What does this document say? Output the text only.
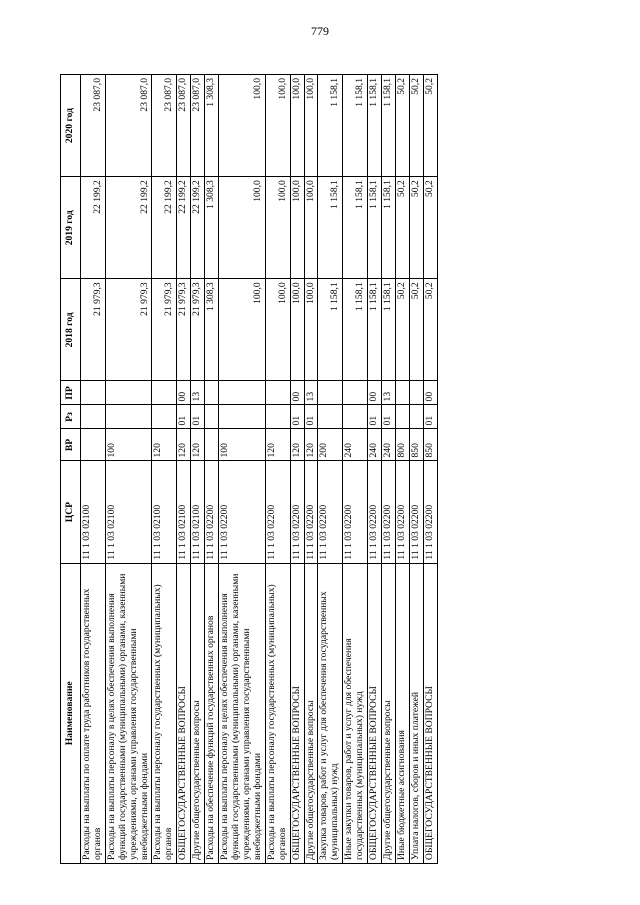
779
Наименование	ЦСР	ВР	Рз	ПР	2018 год	2019 год	2020 год
Расходы на выплаты по оплате труда работников государственных органов	11 1 03 02100				21 979,3	22 199,2	23 087,0
Расходы на выплаты персоналу в целях обеспечения выполнения функций государственными (муниципальными) органами, казенными учреждениями, органами управления государственными внебюджетными фондами	11 1 03 02100	100			21 979,3	22 199,2	23 087,0
Расходы на выплаты персоналу государственных (муниципальных) органов	11 1 03 02100	120			21 979,3	22 199,2	23 087,0
ОБЩЕГОСУДАРСТВЕННЫЕ ВОПРОСЫ	11 1 03 02100	120	01	00	21 979,3	22 199,2	23 087,0
Другие общегосударственные вопросы	11 1 03 02100	120	01	13	21 979,3	22 199,2	23 087,0
Расходы на обеспечение функций государственных органов	11 1 03 02200				1 308,3	1 308,3	1 308,3
Расходы на выплаты персоналу в целях обеспечения выполнения функций государственными (муниципальными) органами, казенными учреждениями, органами управления государственными внебюджетными фондами	11 1 03 02200	100			100,0	100,0	100,0
Расходы на выплаты персоналу государственных (муниципальных) органов	11 1 03 02200	120			100,0	100,0	100,0
ОБЩЕГОСУДАРСТВЕННЫЕ ВОПРОСЫ	11 1 03 02200	120	01	00	100,0	100,0	100,0
Другие общегосударственные вопросы	11 1 03 02200	120	01	13	100,0	100,0	100,0
Закупка товаров, работ и услуг для обеспечения государственных (муниципальных) нужд	11 1 03 02200	200			1 158,1	1 158,1	1 158,1
Иные закупки товаров, работ и услуг для обеспечения государственных (муниципальных) нужд	11 1 03 02200	240			1 158,1	1 158,1	1 158,1
ОБЩЕГОСУДАРСТВЕННЫЕ ВОПРОСЫ	11 1 03 02200	240	01	00	1 158,1	1 158,1	1 158,1
Другие общегосударственные вопросы	11 1 03 02200	240	01	13	1 158,1	1 158,1	1 158,1
Иные бюджетные ассигнования	11 1 03 02200	800			50,2	50,2	50,2
Уплата налогов, сборов и иных платежей	11 1 03 02200	850			50,2	50,2	50,2
ОБЩЕГОСУДАРСТВЕННЫЕ ВОПРОСЫ	11 1 03 02200	850	01	00	50,2	50,2	50,2
